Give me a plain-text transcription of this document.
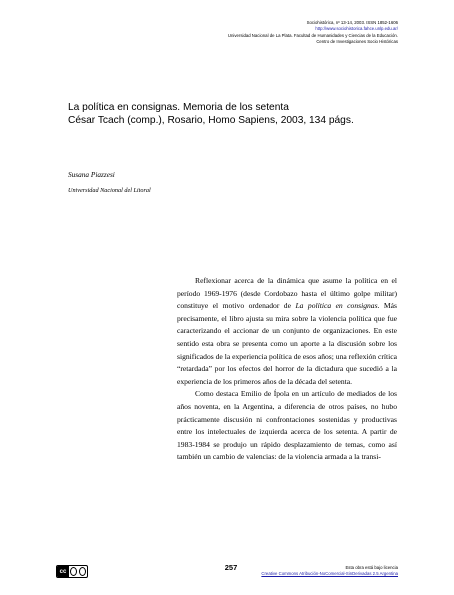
Sociohistórica, nº 13-14, 2003. ISSN 1852-1606
http://www.sociohistorica.fahce.unlp.edu.ar/
Universidad Nacional de La Plata. Facultad de Humanidades y Ciencias de la Educación.
Centro de Investigaciones Socio Históricas
La política en consignas. Memoria de los setenta
César Tcach (comp.), Rosario, Homo Sapiens, 2003, 134 págs.
Susana Piazzesi
Universidad Nacional del Litoral

Reflexionar acerca de la dinámica que asume la política en el período 1969-1976 (desde Cordobazo hasta el último golpe militar) constituye el motivo ordenador de La política en consignas. Más precisamente, el libro ajusta su mira sobre la violencia política que fue caracterizando el accionar de un conjunto de organizaciones. En este sentido esta obra se presenta como un aporte a la discusión sobre los significados de la experiencia política de esos años; una reflexión crítica “retardada” por los efectos del horror de la dictadura que sucedió a la experiencia de los primeros años de la década del setenta.

Como destaca Emilio de Ípola en un artículo de mediados de los años noventa, en la Argentina, a diferencia de otros países, no hubo prácticamente discusión ni confrontaciones sostenidas y productivas entre los intelectuales de izquierda acerca de los setenta. A partir de 1983-1984 se produjo un rápido desplazamiento de temas, como así también un cambio de valencias: de la violencia armada a la transi-

cc	257	Esta obra está bajo licencia
Creative Commons Atribución-NoComercial-SinDerivadas 2.5 Argentina
